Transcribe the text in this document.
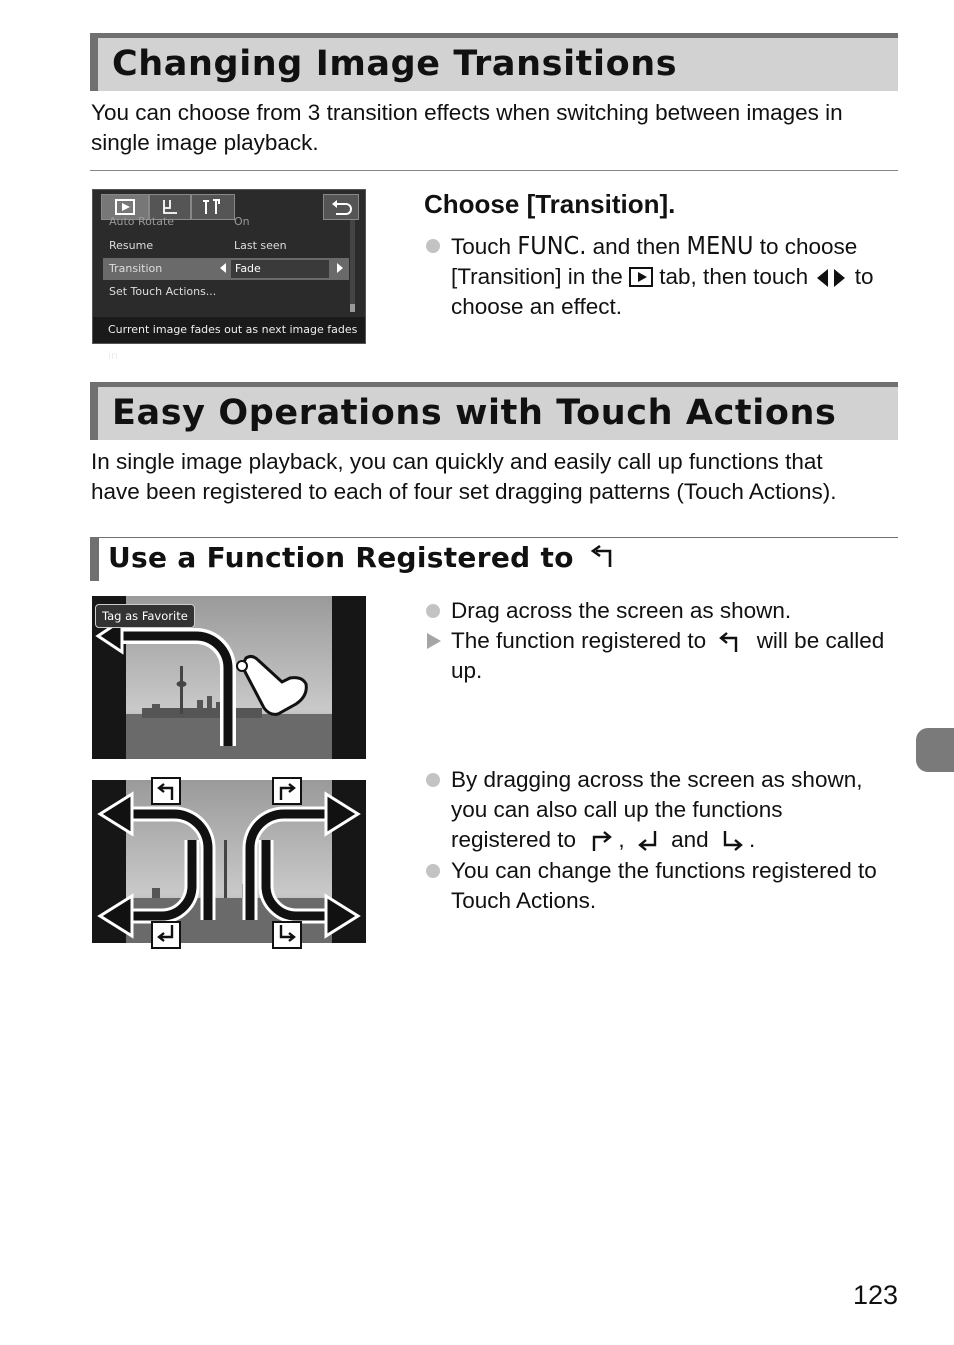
Changing Image Transitions
You can choose from 3 transition effects when switching between images in
single image playback.
Auto Rotate	On
Resume	Last seen
Transition	Fade
Set Touch Actions...
Current image fades out as next image fades in
Choose [Transition].
Touch FUNC. and then MENU to choose
[Transition] in the tab, then touch to
choose an effect.
Easy Operations with Touch Actions
In single image playback, you can quickly and easily call up functions that
have been registered to each of four set dragging patterns (Touch Actions).
Use a Function Registered to
Tag as Favorite	Drag across the screen as shown.
The function registered to will be called
up.
By dragging across the screen as shown,
you can also call up the functions
registered to , and .
You can change the functions registered to
Touch Actions.
123
